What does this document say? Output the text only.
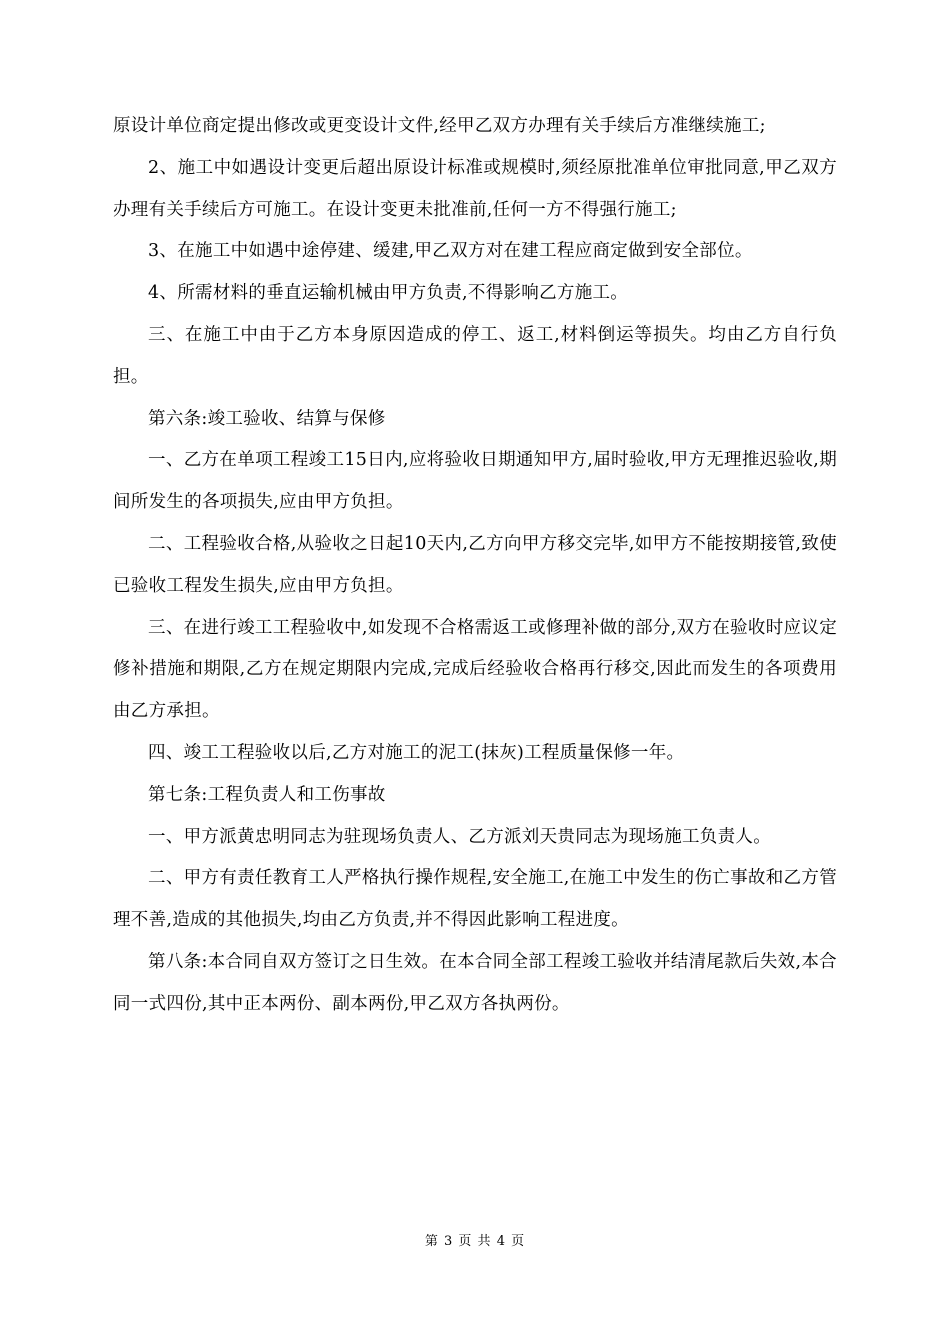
原设计单位商定提出修改或更变设计文件,经甲乙双方办理有关手续后方准继续施工;

2、施工中如遇设计变更后超出原设计标准或规模时,须经原批准单位审批同意,甲乙双方办理有关手续后方可施工。在设计变更未批准前,任何一方不得强行施工;

3、在施工中如遇中途停建、缓建,甲乙双方对在建工程应商定做到安全部位。

4、所需材料的垂直运输机械由甲方负责,不得影响乙方施工。

三、在施工中由于乙方本身原因造成的停工、返工,材料倒运等损失。均由乙方自行负担。

第六条:竣工验收、结算与保修

一、乙方在单项工程竣工15日内,应将验收日期通知甲方,届时验收,甲方无理推迟验收,期间所发生的各项损失,应由甲方负担。

二、工程验收合格,从验收之日起10天内,乙方向甲方移交完毕,如甲方不能按期接管,致使已验收工程发生损失,应由甲方负担。

三、在进行竣工工程验收中,如发现不合格需返工或修理补做的部分,双方在验收时应议定修补措施和期限,乙方在规定期限内完成,完成后经验收合格再行移交,因此而发生的各项费用由乙方承担。

四、竣工工程验收以后,乙方对施工的泥工(抹灰)工程质量保修一年。

第七条:工程负责人和工伤事故

一、甲方派黄忠明同志为驻现场负责人、乙方派刘天贵同志为现场施工负责人。

二、甲方有责任教育工人严格执行操作规程,安全施工,在施工中发生的伤亡事故和乙方管理不善,造成的其他损失,均由乙方负责,并不得因此影响工程进度。

第八条:本合同自双方签订之日生效。在本合同全部工程竣工验收并结清尾款后失效,本合同一式四份,其中正本两份、副本两份,甲乙双方各执两份。

第 3 页 共 4 页
